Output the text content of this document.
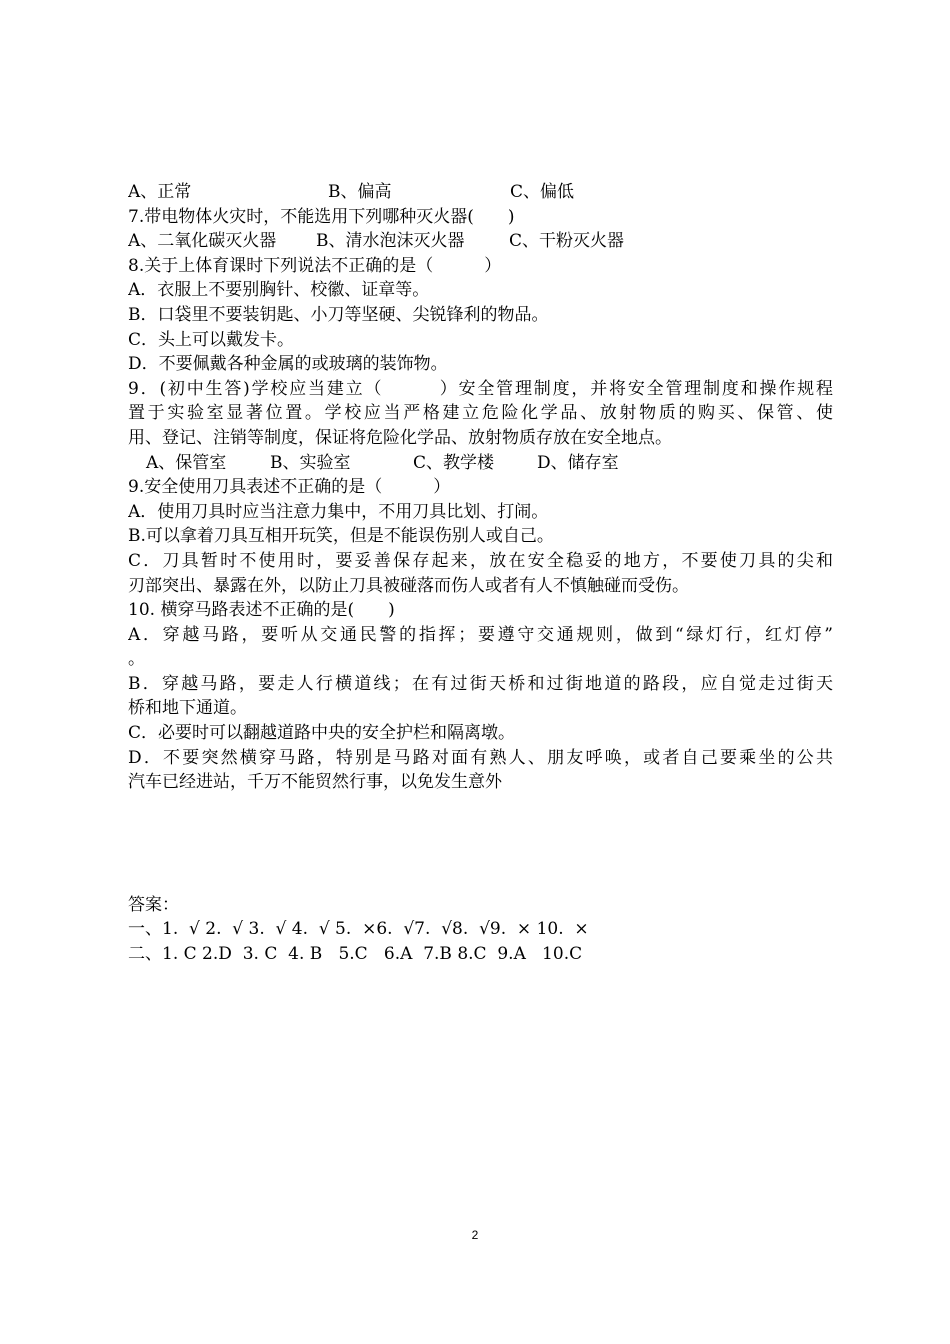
A、正常	B、偏高	C、偏低
7.带电物体火灾时，不能选用下列哪种灭火器(　　)
A、二氧化碳灭火器	B、清水泡沫灭火器	C、干粉灭火器
8.关于上体育课时下列说法不正确的是（　　　）
A．衣服上不要别胸针、校徽、证章等。
B．口袋里不要装钥匙、小刀等坚硬、尖锐锋利的物品。
C．头上可以戴发卡。
D．不要佩戴各种金属的或玻璃的装饰物。
9．(初中生答)学校应当建立（　　　）安全管理制度，并将安全管理制度和操作规程
置于实验室显著位置。学校应当严格建立危险化学品、放射物质的购买、保管、使
用、登记、注销等制度，保证将危险化学品、放射物质存放在安全地点。
A、保管室	B、实验室	C、教学楼	D、储存室
9.安全使用刀具表述不正确的是（　　　）
A．使用刀具时应当注意力集中，不用刀具比划、打闹。
B.可以拿着刀具互相开玩笑，但是不能误伤别人或自己。
C．刀具暂时不使用时，要妥善保存起来，放在安全稳妥的地方，不要使刀具的尖和
刃部突出、暴露在外，以防止刀具被碰落而伤人或者有人不慎触碰而受伤。
10. 横穿马路表述不正确的是(　　)
A．穿越马路，要听从交通民警的指挥；要遵守交通规则，做到“绿灯行，红灯停”
。
B．穿越马路，要走人行横道线；在有过街天桥和过街地道的路段，应自觉走过街天
桥和地下通道。
C．必要时可以翻越道路中央的安全护栏和隔离墩。
D．不要突然横穿马路，特别是马路对面有熟人、朋友呼唤，或者自己要乘坐的公共
汽车已经进站，千万不能贸然行事，以免发生意外
答案：
一、1.  √ 2.  √ 3.  √ 4.  √ 5.  ×6.  √7.  √8.  √9.  × 10.  ×
二、1. C 2.D  3. C  4. B   5.C   6.A  7.B 8.C  9.A   10.C
2
